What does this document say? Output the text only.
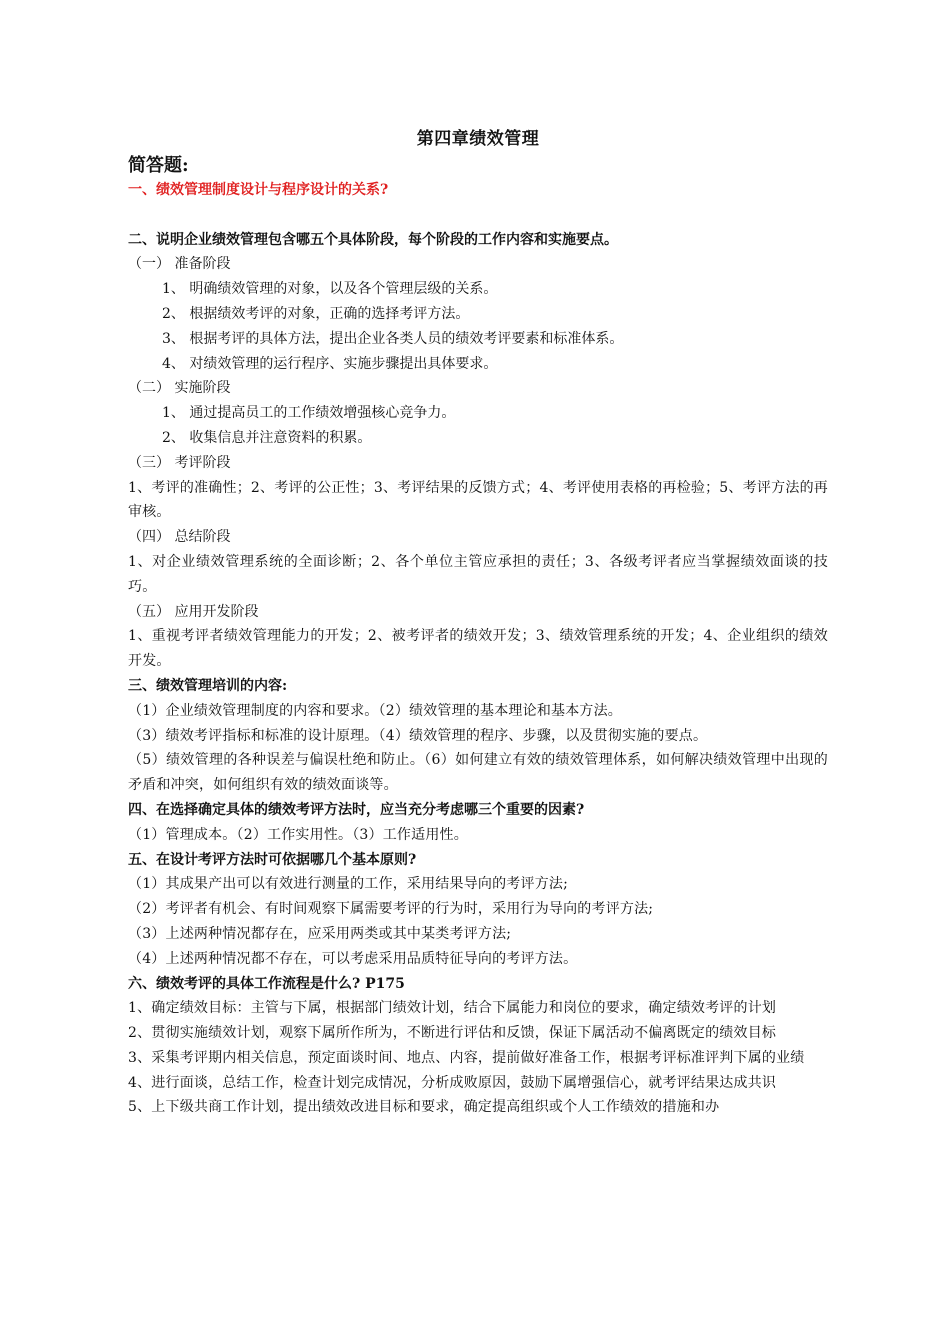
第四章绩效管理
简答题:
一、绩效管理制度设计与程序设计的关系?
二、说明企业绩效管理包含哪五个具体阶段，每个阶段的工作内容和实施要点。
（一） 准备阶段
1、 明确绩效管理的对象，以及各个管理层级的关系。
2、 根据绩效考评的对象，正确的选择考评方法。
3、 根据考评的具体方法，提出企业各类人员的绩效考评要素和标准体系。
4、 对绩效管理的运行程序、实施步骤提出具体要求。
（二） 实施阶段
1、 通过提高员工的工作绩效增强核心竞争力。
2、 收集信息并注意资料的积累。
（三） 考评阶段
1、考评的准确性；2、考评的公正性；3、考评结果的反馈方式；4、考评使用表格的再检验；5、考评方法的再审核。
（四） 总结阶段
1、对企业绩效管理系统的全面诊断；2、各个单位主管应承担的责任；3、各级考评者应当掌握绩效面谈的技巧。
（五） 应用开发阶段
1、重视考评者绩效管理能力的开发；2、被考评者的绩效开发；3、绩效管理系统的开发；4、企业组织的绩效开发。
三、绩效管理培训的内容:
（1）企业绩效管理制度的内容和要求。（2）绩效管理的基本理论和基本方法。
（3）绩效考评指标和标准的设计原理。（4）绩效管理的程序、步骤，以及贯彻实施的要点。
（5）绩效管理的各种误差与偏误杜绝和防止。（6）如何建立有效的绩效管理体系，如何解决绩效管理中出现的矛盾和冲突，如何组织有效的绩效面谈等。
四、在选择确定具体的绩效考评方法时，应当充分考虑哪三个重要的因素?
（1）管理成本。（2）工作实用性。（3）工作适用性。
五、在设计考评方法时可依据哪几个基本原则?
（1）其成果产出可以有效进行测量的工作，采用结果导向的考评方法;
（2）考评者有机会、有时间观察下属需要考评的行为时，采用行为导向的考评方法;
（3）上述两种情况都存在，应采用两类或其中某类考评方法;
（4）上述两种情况都不存在，可以考虑采用品质特征导向的考评方法。
六、绩效考评的具体工作流程是什么? P175
1、确定绩效目标：主管与下属，根据部门绩效计划，结合下属能力和岗位的要求，确定绩效考评的计划
2、贯彻实施绩效计划，观察下属所作所为，不断进行评估和反馈，保证下属活动不偏离既定的绩效目标
3、采集考评期内相关信息，预定面谈时间、地点、内容，提前做好准备工作，根据考评标准评判下属的业绩
4、进行面谈，总结工作，检查计划完成情况，分析成败原因，鼓励下属增强信心，就考评结果达成共识
5、上下级共商工作计划，提出绩效改进目标和要求，确定提高组织或个人工作绩效的措施和办
